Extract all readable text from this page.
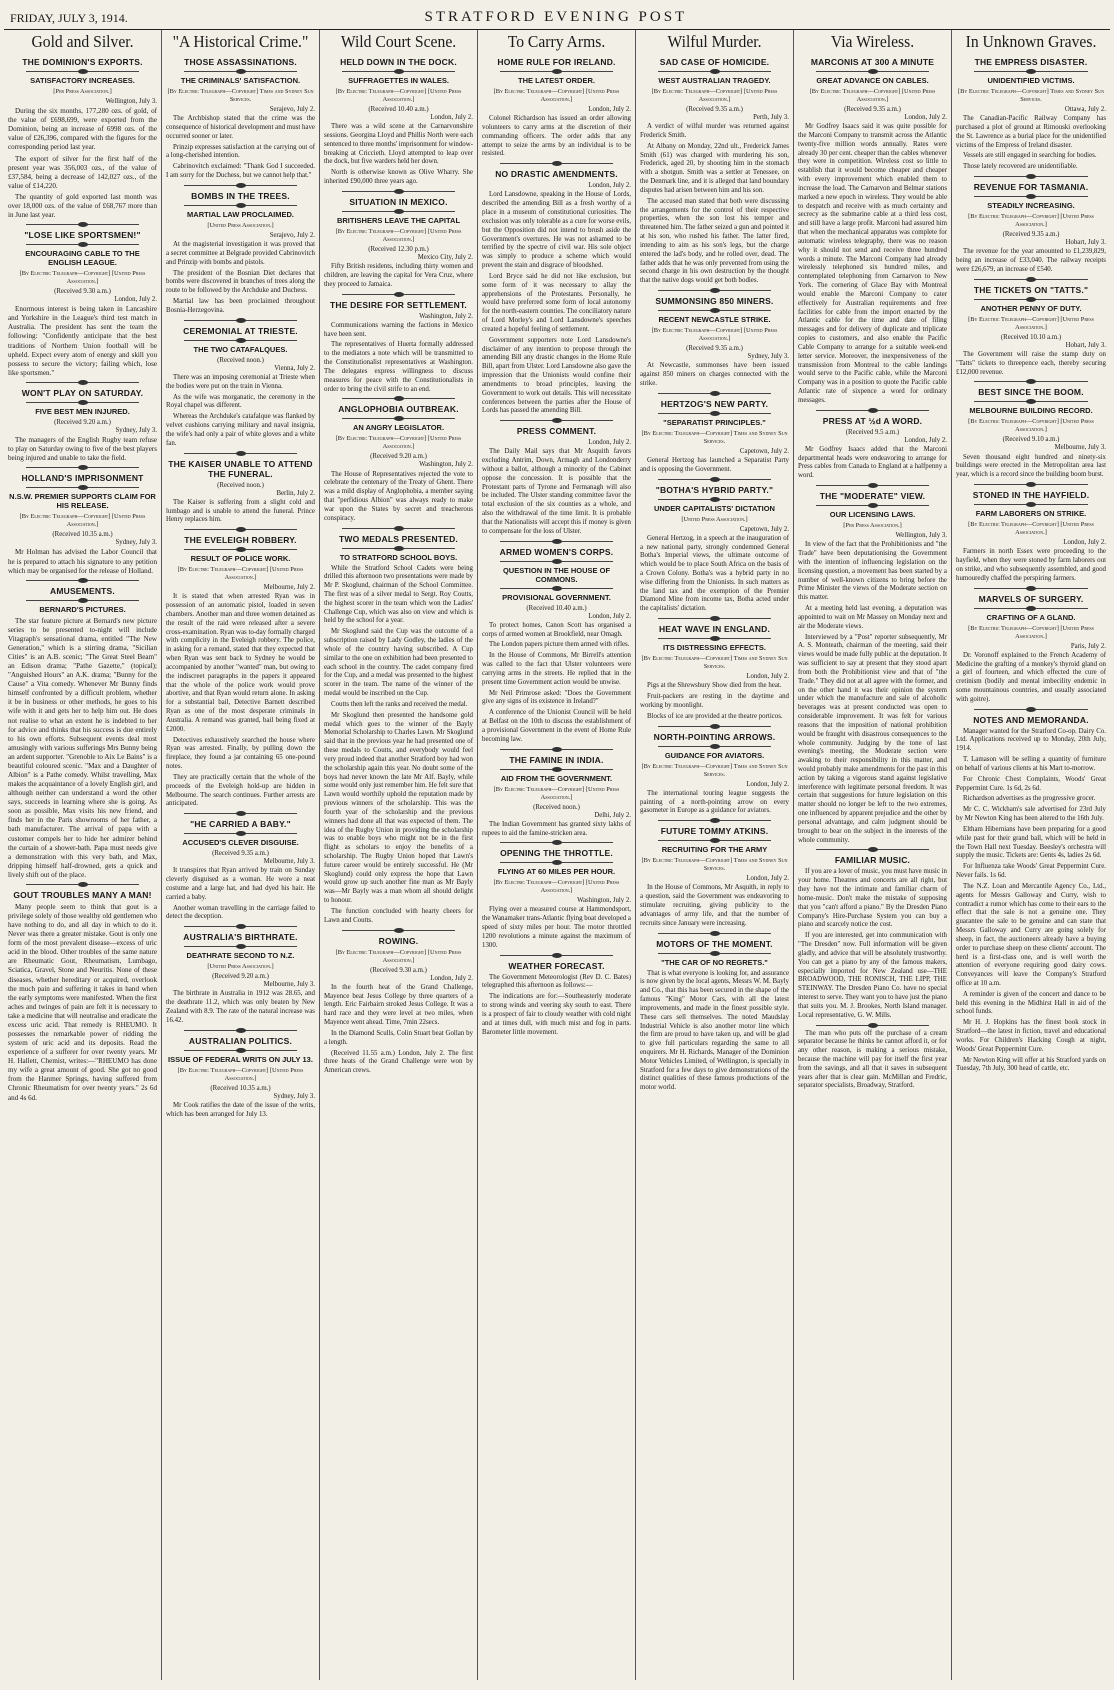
FRIDAY, JULY 3, 1914.	STRATFORD EVENING POST
Gold and Silver.
THE DOMINION'S EXPORTS.
SATISFACTORY INCREASES.
[Per Press Association.]
Wellington, July 3.

During the six months, 177,280 ozs. of gold, of the value of £698,699, were exported from the Dominion, being an increase of 6998 ozs. of the value of £26,396, compared with the figures for the corresponding period last year.

The export of silver for the first half of the present year was 356,003 ozs., of the value of £37,584, being a decrease of 142,027 ozs., of the value of £14,220.

The quantity of gold exported last month was over 18,000 ozs. of the value of £68,767 more than in June last year.

"LOSE LIKE SPORTSMEN!"
ENCOURAGING CABLE TO THE ENGLISH LEAGUE.
[By Electric Telegraph—Copyright] [United Press Association.]
(Received 9.30 a.m.)
London, July 2.

Enormous interest is being taken in Lancashire and Yorkshire in the League's third test match in Australia. The president has sent the team the following: "Confidently anticipate that the best traditions of Northern Union football will be upheld. Expect every atom of energy and skill you possess to secure the victory; failing which, lose like sportsmen."

WON'T PLAY ON SATURDAY.
FIVE BEST MEN INJURED.
(Received 9.20 a.m.)
Sydney, July 3.

The managers of the English Rugby team refuse to play on Saturday owing to five of the best players being injured and unable to take the field.

HOLLAND'S IMPRISONMENT
N.S.W. PREMIER SUPPORTS CLAIM FOR HIS RELEASE.
[By Electric Telegraph—Copyright] [United Press Association.]
(Received 10.35 a.m.)
Sydney, July 3.

Mr Holman has advised the Labor Council that he is prepared to attach his signature to any petition which may be organised for the release of Holland.

AMUSEMENTS.
BERNARD'S PICTURES.

The star feature picture at Bernard's new picture series to be presented to-night will include Vitagraph's sensational drama, entitled "The New Generation," which is a stirring drama, "Sicilian Cities" is an A.B. scenic; "The Great Steel Beam" an Edison drama; "Pathe Gazette," (topical); "Anguished Hours" an A.K. drama; "Bunny for the Cause" a Vita comedy. Whenever Mr Bunny finds himself confronted by a difficult problem, whether it be in business or other methods, he goes to his wife with it and gets her to help him out. He does not realise to what an extent he is indebted to her for advice and thinks that his success is due entirely to his own efforts. Subsequent events deal most amusingly with various sufferings Mrs Bunny being an ardent supporter. "Grenoble to Aix Le Bains" is a beautiful coloured scenic. "Max and a Daughter of Albion" is a Pathe comedy. Whilst travelling, Max makes the acquaintance of a lovely English girl, and although neither can understand a word the other says, succeeds in learning where she is going. As soon as possible, Max visits his new friend, and finds her in the Paris showrooms of her father, a bath manufacturer. The arrival of papa with a customer compels her to hide her admirer behind the curtain of a shower-bath. Papa must needs give a demonstration with this very bath, and Max, dripping himself half-drowned, gets a quick and lively shift out of the place.

GOUT TROUBLES MANY A MAN!

Many people seem to think that gout is a privilege solely of those wealthy old gentlemen who have nothing to do, and all day in which to do it. Never was there a greater mistake. Gout is only one form of the most prevalent disease—excess of uric acid in the blood. Other troubles of the same nature are Rheumatic Gout, Rheumatism, Lumbago, Sciatica, Gravel, Stone and Neuritis. None of these diseases, whether hereditary or acquired, overlook the much pain and suffering it takes in hand when the early symptoms were manifested. When the first aches and twinges of pain are felt it is necessary to take a medicine that will neutralise and eradicate the excess uric acid. That remedy is RHEUMO. It possesses the remarkable power of ridding the system of uric acid and its deposits. Read the experience of a sufferer for over twenty years. Mr H. Hallett, Chemist, writes:—"RHEUMO has done my wife a great amount of good. She got no good from the Hanmer Springs, having suffered from Chronic Rheumatism for over twenty years." 2s 6d and 4s 6d.

"A Historical Crime."
THOSE ASSASSINATIONS.
THE CRIMINALS' SATISFACTION.
[By Electric Telegraph—Copyright] Times and Sydney Sun Services.
Serajevo, July 2.

The Archbishop stated that the crime was the consequence of historical development and must have occurred sooner or later.

Prinzip expresses satisfaction at the carrying out of a long-cherished intention.

Cabrinovitch exclaimed: "Thank God I succeeded. I am sorry for the Duchess, but we cannot help that."

BOMBS IN THE TREES.
MARTIAL LAW PROCLAIMED.
[United Press Association.]
Serajevo, July 2.

At the magisterial investigation it was proved that a secret committee at Belgrade provided Cabrinovitch and Prinzip with bombs and pistols.

The president of the Bosnian Diet declares that bombs were discovered in branches of trees along the route to be followed by the Archduke and Duchess.

Martial law has been proclaimed throughout Bosnia-Herzegovina.

CEREMONIAL AT TRIESTE.
THE TWO CATAFALQUES.
(Received noon.)
Vienna, July 2.

There was an imposing ceremonial at Trieste when the bodies were put on the train in Vienna.

As the wife was morganatic, the ceremony in the Royal chapel was different.

Whereas the Archduke's catafalque was flanked by velvet cushions carrying military and naval insignia, the wife's had only a pair of white gloves and a white fan.

THE KAISER UNABLE TO ATTEND THE FUNERAL.
(Received noon.)
Berlin, July 2.

The Kaiser is suffering from a slight cold and lumbago and is unable to attend the funeral. Prince Henry replaces him.

THE EVELEIGH ROBBERY.
RESULT OF POLICE WORK.
[By Electric Telegraph—Copyright] [United Press Association.]
Melbourne, July 2.

It is stated that when arrested Ryan was in possession of an automatic pistol, loaded in seven chambers. Another man and three women detained as the result of the raid were released after a severe cross-examination. Ryan was to-day formally charged with complicity in the Eveleigh robbery. The police, in asking for a remand, stated that they expected that when Ryan was sent back to Sydney he would be accompanied by another "wanted" man, but owing to the indiscreet paragraphs in the papers it appeared that the whole of the police work would prove abortive, and that Ryan would return alone. In asking for a substantial bail, Detective Barnett described Ryan as one of the most desperate criminals in Australia. A remand was granted, bail being fixed at £2000.

Detectives exhaustively searched the house where Ryan was arrested. Finally, by pulling down the fireplace, they found a jar containing 65 one-pound notes.

They are practically certain that the whole of the proceeds of the Eveleigh hold-up are hidden in Melbourne. The search continues. Further arrests are anticipated.

"HE CARRIED A BABY."
ACCUSED'S CLEVER DISGUISE.
(Received 9.35 a.m.)
Melbourne, July 3.

It transpires that Ryan arrived by train on Sunday cleverly disguised as a woman. He wore a neat costume and a large hat, and had dyed his hair. He carried a baby.

Another woman travelling in the carriage failed to detect the deception.

AUSTRALIA'S BIRTHRATE.
DEATHRATE SECOND TO N.Z.
[United Press Association.]
(Received 9.20 a.m.)
Melbourne, July 3.

The birthrate in Australia in 1912 was 28.65, and the deathrate 11.2, which was only beaten by New Zealand with 8.9. The rate of the natural increase was 16.42.

AUSTRALIAN POLITICS.
ISSUE OF FEDERAL WRITS ON JULY 13.
[By Electric Telegraph—Copyright] [United Press Association.]
(Received 10.35 a.m.)
Sydney, July 3.

Mr Cook ratifies the date of the issue of the writs, which has been arranged for July 13.

Wild Court Scene.
HELD DOWN IN THE DOCK.
SUFFRAGETTES IN WALES.
[By Electric Telegraph—Copyright] [United Press Association.]
(Received 10.40 a.m.)
London, July 2.

There was a wild scene at the Carnarvonshire sessions. Georgina Lloyd and Phillis North were each sentenced to three months' imprisonment for window-breaking at Criccieth. Lloyd attempted to leap over the dock, but five warders held her down.

North is otherwise known as Olive Wharry. She inherited £90,000 three years ago.

SITUATION IN MEXICO.
BRITISHERS LEAVE THE CAPITAL
[By Electric Telegraph—Copyright] [United Press Association.]
(Received 12.30 p.m.)
Mexico City, July 2.

Fifty British residents, including thirty women and children, are leaving the capital for Vera Cruz, where they proceed to Jamaica.

THE DESIRE FOR SETTLEMENT.
Washington, July 2.

Communications warning the factions in Mexico have been sent.

The representatives of Huerta formally addressed to the mediators a note which will be transmitted to the Constitutionalist representatives at Washington. The delegates express willingness to discuss measures for peace with the Constitutionalists in order to bring the civil strife to an end.

ANGLOPHOBIA OUTBREAK.
AN ANGRY LEGISLATOR.
[By Electric Telegraph—Copyright] [United Press Association.]
(Received 9.20 a.m.)
Washington, July 2.

The House of Representatives rejected the vote to celebrate the centenary of the Treaty of Ghent. There was a mild display of Anglophobia, a member saying that "perfidious Albion" was always ready to make war upon the States by secret and treacherous conspiracy.

TWO MEDALS PRESENTED.
TO STRATFORD SCHOOL BOYS.

While the Stratford School Cadets were being drilled this afternoon two presentations were made by Mr P. Skoglund, chairman of the School Committee. The first was of a silver medal to Sergt. Roy Coutts, the highest scorer in the team which won the Ladies' Challenge Cup, which was also on view and which is held by the school for a year.

Mr Skoglund said the Cup was the outcome of a subscription raised by Lady Godley, the ladies of the whole of the country having subscribed. A Cup similar to the one on exhibition had been presented to each school in the country. The cadet company fired for the Cup, and a medal was presented to the highest scorer in the team. The name of the winner of the medal would be inscribed on the Cup.

Coutts then left the ranks and received the medal.

Mr Skoglund then presented the handsome gold medal which goes to the winner of the Bayly Memorial Scholarship to Charles Lawn. Mr Skoglund said that in the previous year he had presented one of these medals to Coutts, and everybody would feel very proud indeed that another Stratford boy had won the scholarship again this year. No doubt some of the boys had never known the late Mr Alf. Bayly, while some would only just remember him. He felt sure that Lawn would worthily uphold the reputation made by previous winners of the scholarship. This was the fourth year of the scholarship and the previous winners had done all that was expected of them. The idea of the Rugby Union in providing the scholarship was to enable boys who might not be in the first flight as scholars to enjoy the benefits of a scholarship. The Rugby Union hoped that Lawn's future career would be entirely successful. He (Mr Skoglund) could only express the hope that Lawn would grow up such another fine man as Mr Bayly was—Mr Bayly was a man whom all should delight to honour.

The function concluded with hearty cheers for Lawn and Coutts.

ROWING.
[By Electric Telegraph—Copyright] [United Press Association.]
(Received 9.30 a.m.)
London, July 2.

In the fourth heat of the Grand Challenge, Mayence beat Jesus College by three quarters of a length. Eric Fairbairn stroked Jesus College. It was a hard race and they were level at two miles, when Mayence went ahead. Time, 7min 22secs.

In the Diamond Sculls, Colin Stuart beat Gollan by a length.

(Received 11.55 a.m.) London, July 2. The first three heats of the Grand Challenge were won by American crews.

To Carry Arms.
HOME RULE FOR IRELAND.
THE LATEST ORDER.
[By Electric Telegraph—Copyright] [United Press Association.]
London, July 2.

Colonel Richardson has issued an order allowing volunteers to carry arms at the discretion of their commanding officers. The order adds that any attempt to seize the arms by an individual is to be resisted.

NO DRASTIC AMENDMENTS.
London, July 2.

Lord Lansdowne, speaking in the House of Lords, described the amending Bill as a fresh worthy of a place in a museum of constitutional curiosities. The exclusion was only tolerable as a cure for worse evils, but the Opposition did not intend to brush aside the Government's overtures. He was not ashamed to be terrified by the spectre of civil war. His sole object was simply to produce a scheme which would prevent the stain and disgrace of bloodshed.

Lord Bryce said he did not like exclusion, but some form of it was necessary to allay the apprehensions of the Protestants. Personally, he would have preferred some form of local autonomy for the north-eastern counties. The conciliatory nature of Lord Morley's and Lord Lansdowne's speeches created a hopeful feeling of settlement.

Government supporters note Lord Lansdowne's disclaimer of any intention to propose through the amending Bill any drastic changes in the Home Rule Bill, apart from Ulster. Lord Lansdowne also gave the impression that the Unionists would confine their amendments to broad principles, leaving the Government to work out details. This will necessitate conferences between the parties after the House of Lords has passed the amending Bill.

PRESS COMMENT.
London, July 2.

The Daily Mail says that Mr Asquith favors excluding Antrim, Down, Armagh and Londonderry without a ballot, although a minority of the Cabinet oppose the concession. It is possible that the Protestant parts of Tyrone and Fermanagh will also be included. The Ulster standing committee favor the total exclusion of the six counties as a whole, and also the withdrawal of the time limit. It is probable that the Nationalists will accept this if money is given to compensate for the loss of Ulster.

ARMED WOMEN'S CORPS.
QUESTION IN THE HOUSE OF COMMONS.
PROVISIONAL GOVERNMENT.
(Received 10.40 a.m.)
London, July 2.

To protect homes, Canon Scott has organised a corps of armed women at Brookfield, near Omagh.

The London papers picture them armed with rifles.

In the House of Commons, Mr Birrell's attention was called to the fact that Ulster volunteers were carrying arms in the streets. He replied that in the present time Government action would be unwise.

Mr Neil Primrose asked: "Does the Government give any signs of its existence in Ireland?"

A conference of the Unionist Council will be held at Belfast on the 10th to discuss the establishment of a provisional Government in the event of Home Rule becoming law.

THE FAMINE IN INDIA.
AID FROM THE GOVERNMENT.
[By Electric Telegraph—Copyright] [United Press Association.]
(Received noon.)
Delhi, July 2.

The Indian Government has granted sixty lakhs of rupees to aid the famine-stricken area.

OPENING THE THROTTLE.
FLYING AT 60 MILES PER HOUR.
[By Electric Telegraph—Copyright] [United Press Association.]
Washington, July 2.

Flying over a measured course at Hammondsport, the Wanamaker trans-Atlantic flying boat developed a speed of sixty miles per hour. The motor throttled 1200 revolutions a minute against the maximum of 1300.

WEATHER FORECAST.

The Government Meteorologist (Rev D. C. Bates) telegraphed this afternoon as follows:—

The indications are for:—Southeasterly moderate to strong winds and veering sky south to east. There is a prospect of fair to cloudy weather with cold night and at times dull, with much mist and fog in parts. Barometer little movement.

Wilful Murder.
SAD CASE OF HOMICIDE.
WEST AUSTRALIAN TRAGEDY.
[By Electric Telegraph—Copyright] [United Press Association.]
(Received 9.35 a.m.)
Perth, July 3.

A verdict of wilful murder was returned against Frederick Smith.

At Albany on Monday, 22nd ult., Frederick James Smith (61) was charged with murdering his son, Frederick, aged 20, by shooting him in the stomach with a shotgun. Smith was a settler at Tenessee, on the Denmark line, and it is alleged that land boundary disputes had arisen between him and his son.

The accused man stated that both were discussing the arrangements for the control of their respective properties, when the son lost his temper and threatened him. The father seized a gun and pointed it at his son, who rushed his father. The latter fired, intending to aim as his son's legs, but the charge entered the lad's body, and he rolled over, dead. The father adds that he was only prevented from using the second charge in his own destruction by the thought that the native dogs would get both bodies.

SUMMONSING 850 MINERS.
RECENT NEWCASTLE STRIKE.
[By Electric Telegraph—Copyright] [United Press Association.]
(Received 9.35 a.m.)
Sydney, July 3.

At Newcastle, summonses have been issued against 850 miners on charges connected with the strike.

HERTZOG'S NEW PARTY.
"SEPARATIST PRINCIPLES."
[By Electric Telegraph—Copyright] Times and Sydney Sun Services.
Capetown, July 2.

General Hertzog has launched a Separatist Party and is opposing the Government.

"BOTHA'S HYBRID PARTY."
UNDER CAPITALISTS' DICTATION
[United Press Association.]
Capetown, July 2.

General Hertzog, in a speech at the inauguration of a new national party, strongly condemned General Botha's Imperial views, the ultimate outcome of which would be to place South Africa on the basis of a Crown Colony. Botha's was a hybrid party in no wise differing from the Unionists. In such matters as the land tax and the exemption of the Premier Diamond Mine from income tax, Botha acted under the capitalists' dictation.

HEAT WAVE IN ENGLAND.
ITS DISTRESSING EFFECTS.
[By Electric Telegraph—Copyright] Times and Sydney Sun Services.
London, July 2.

Pigs at the Shrewsbury Show died from the heat.

Fruit-packers are resting in the daytime and working by moonlight.

Blocks of ice are provided at the theatre porticos.

NORTH-POINTING ARROWS.
GUIDANCE FOR AVIATORS.
[By Electric Telegraph—Copyright] Times and Sydney Sun Services.
London, July 2.

The international touring league suggests the painting of a north-pointing arrow on every gasometer in Europe as a guidance for aviators.

FUTURE TOMMY ATKINS.
RECRUITING FOR THE ARMY
[By Electric Telegraph—Copyright] Times and Sydney Sun Services.
London, July 2.

In the House of Commons, Mr Asquith, in reply to a question, said the Government was endeavoring to stimulate recruiting, giving publicity to the advantages of army life, and that the number of recruits since January were increasing.

MOTORS OF THE MOMENT.
"THE CAR OF NO REGRETS."

That is what everyone is looking for, and assurance is now given by the local agents, Messrs W. M. Bayly and Co., that this has been secured in the shape of the famous "King" Motor Cars, with all the latest improvements, and made in the finest possible style. These cars sell themselves. The noted Maudslay Industrial Vehicle is also another motor line which the firm are proud to have taken up, and will be glad to give full particulars regarding the same to all enquirers. Mr H. Richards, Manager of the Dominion Motor Vehicles Limited, of Wellington, is specially in Stratford for a few days to give demonstrations of the distinct qualities of these famous productions of the motor world.

Via Wireless.
MARCONIS AT 300 A MINUTE
GREAT ADVANCE ON CABLES.
[By Electric Telegraph—Copyright] [United Press Association.]
(Received 9.35 a.m.)
London, July 2.

Mr Godfrey Isaacs said it was quite possible for the Marconi Company to transmit across the Atlantic twenty-five million words annually. Rates were already 30 per cent. cheaper than the cables whenever they were in competition. Wireless cost so little to establish that it would become cheaper and cheaper with every improvement which enabled them to increase the load. The Carnarvon and Belmar stations marked a new epoch in wireless. They would be able to despatch and receive with as much certainty and secrecy as the submarine cable at a third less cost, and still have a large profit. Marconi had assured him that when the mechanical apparatus was complete for automatic wireless telegraphy, there was no reason why it should not send and receive three hundred words a minute. The Marconi Company had already wirelessly telephoned six hundred miles, and contemplated telephoning from Carnarvon to New York. The cornering of Glace Bay with Montreal would enable the Marconi Company to cater effectively for Australian requirements and free facilities for cable from the import enacted by the Atlantic cable for the time and date of filing messages and for delivery of duplicate and triplicate copies to customers, and also enable the Pacific Cable Company to arrange for a suitable week-end letter service. Moreover, the inexpensiveness of the transmission from Montreal to the cable landings would serve to the Pacific cable, while the Marconi Company was in a position to quote the Pacific cable Atlantic rate of sixpence a word for ordinary messages.

PRESS AT ½d A WORD.
(Received 9.5 a.m.)
London, July 2.

Mr Godfrey Isaacs added that the Marconi departmental heads were endeavoring to arrange for Press cables from Canada to England at a halfpenny a word.

THE "MODERATE" VIEW.
OUR LICENSING LAWS.
[Per Press Association.]
Wellington, July 3.

In view of the fact that the Prohibitionists and "the Trade" have been deputationising the Government with the intention of influencing legislation on the licensing question, a movement has been started by a number of well-known citizens to bring before the Prime Minister the views of the Moderate section on this matter.

At a meeting held last evening, a deputation was appointed to wait on Mr Massey on Monday next and air the Moderate views.

Interviewed by a "Post" reporter subsequently, Mr A. S. Monteath, chairman of the meeting, said their views would be made fully public at the deputation. It was sufficient to say at present that they stood apart from both the Prohibitionist view and that of "the Trade." They did not at all agree with the former, and on the other hand it was their opinion the system under which the manufacture and sale of alcoholic beverages was at present conducted was open to considerable improvement. It was felt for various reasons that the imposition of national prohibition would be fraught with disastrous consequences to the whole community. Judging by the tone of last evening's meeting, the Moderate section were awaking to their responsibility in this matter, and would probably make amendments for the past in this action by taking a vigorous stand against legislative interference with legitimate personal freedom. It was certain that suggestions for future legislation on this matter should no longer be left to the two extremes, one influenced by apparent prejudice and the other by personal advantage, and calm judgment should be brought to bear on the subject in the interests of the whole community.

FAMILIAR MUSIC.

If you are a lover of music, you must have music in your home. Theatres and concerts are all right, but they have not the intimate and familiar charm of home-music. Don't make the mistake of supposing that you "can't afford a piano." By the Dresden Piano Company's Hire-Purchase System you can buy a piano and scarcely notice the cost.

If you are interested, get into communication with "The Dresden" now. Full information will be given gladly, and advice that will be absolutely trustworthy. You can get a piano by any of the famous makers, especially imported for New Zealand use—THE BROADWOOD, THE RONISCH, THE LIPP, THE STEINWAY. The Dresden Piano Co. have no special interest to serve. They want you to have just the piano that suits you. M. J. Brookes, North Island manager. Local representative, G. W. Mills.

The man who puts off the purchase of a cream separator because he thinks he cannot afford it, or for any other reason, is making a serious mistake, because the machine will pay for itself the first year from the savings, and all that it saves in subsequent years after that is clear gain. McMillan and Fredric, separator specialists, Broadway, Stratford.

In Unknown Graves.
THE EMPRESS DISASTER.
UNIDENTIFIED VICTIMS.
[By Electric Telegraph—Copyright] Times and Sydney Sun Services.
Ottawa, July 2.

The Canadian-Pacific Railway Company has purchased a plot of ground at Rimouski overlooking the St. Lawrence as a burial place for the unidentified victims of the Empress of Ireland disaster.

Vessels are still engaged in searching for bodies.

Those lately recovered are unidentifiable.

REVENUE FOR TASMANIA.
STEADILY INCREASING.
[By Electric Telegraph—Copyright] [United Press Association.]
(Received 9.35 a.m.)
Hobart, July 3.

The revenue for the year amounted to £1,239,829, being an increase of £33,040. The railway receipts were £26,679, an increase of £540.

THE TICKETS ON "TATTS."
ANOTHER PENNY OF DUTY.
[By Electric Telegraph—Copyright] [United Press Association.]
(Received 10.10 a.m.)
Hobart, July 3.

The Government will raise the stamp duty on "Tatts" tickets to threepence each, thereby securing £12,000 revenue.

BEST SINCE THE BOOM.
MELBOURNE BUILDING RECORD.
[By Electric Telegraph—Copyright] [United Press Association.]
(Received 9.10 a.m.)
Melbourne, July 3.

Seven thousand eight hundred and ninety-six buildings were erected in the Metropolitan area last year, which is a record since the building boom burst.

STONED IN THE HAYFIELD.
FARM LABORERS ON STRIKE.
[By Electric Telegraph—Copyright] [United Press Association.]
London, July 2.

Farmers in north Essex were proceeding to the hayfield, when they were stoned by farm laborers out on strike, and who subsequently assembled, and good humouredly chaffed the perspiring farmers.

MARVELS OF SURGERY.
CRAFTING OF A GLAND.
[By Electric Telegraph—Copyright] [United Press Association.]
Paris, July 2.

Dr. Voronoff explained to the French Academy of Medicine the grafting of a monkey's thyroid gland on a girl of fourteen, and which effected the cure of cretinism (bodily and mental imbecility endemic in some mountainous countries, and usually associated with goitre).

NOTES AND MEMORANDA.

Manager wanted for the Stratford Co-op. Dairy Co. Ltd. Applications received up to Monday, 20th July, 1914.

T. Lamason will be selling a quantity of furniture on behalf of various clients at his Mart to-morrow.

For Chronic Chest Complaints, Woods' Great Peppermint Cure. 1s 6d, 2s 6d.

Richardson advertises as the progressive grocer.

Mr C. C. Wickham's sale advertised for 23rd July by Mr Newton King has been altered to the 16th July.

Eltham Hibernians have been preparing for a good while past for their grand ball, which will be held in the Town Hall next Tuesday. Beesley's orchestra will supply the music. Tickets are: Gents 4s, ladies 2s 6d.

For Influenza take Woods' Great Peppermint Cure. Never fails. 1s 6d.

The N.Z. Loan and Mercantile Agency Co., Ltd., agents for Messrs Galloway and Curry, wish to contradict a rumor which has come to their ears to the effect that the sale is not a genuine one. They guarantee the sale to be genuine and can state that Messrs Galloway and Curry are going solely for sheep, in fact, the auctioneers already have a buying order to purchase sheep on these clients' account. The herd is a first-class one, and is well worth the attention of everyone requiring good dairy cows. Conveyances will leave the Company's Stratford office at 10 a.m.

A reminder is given of the concert and dance to be held this evening in the Midhirst Hall in aid of the school funds.

Mr H. J. Hopkins has the finest book stock in Stratford—the latest in fiction, travel and educational works. For Children's Hacking Cough at night, Woods' Great Peppermint Cure.

Mr Newton King will offer at his Stratford yards on Tuesday, 7th July, 300 head of cattle, etc.
